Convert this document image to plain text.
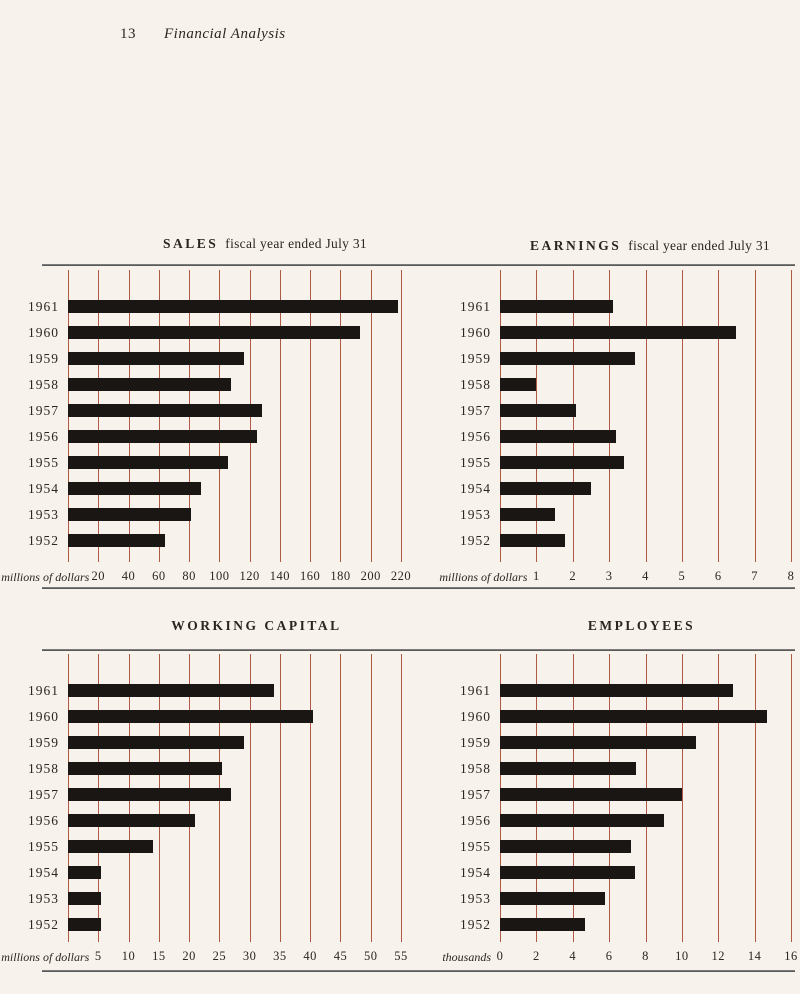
13 Financial Analysis
SALES fiscal year ended July 31	EARNINGS fiscal year ended July 31
WORKING CAPITAL	EMPLOYEES
1961
1960
1959
1958
1957
1956
1955
1954
1953
1952
20 40 60 80 100 120 140 160 180 200 220
millions of dollars
1961
1960
1959
1958
1957
1956
1955
1954
1953
1952
1 2 3 4 5 6 7 8
millions of dollars
1961
1960
1959
1958
1957
1956
1955
1954
1953
1952
5 10 15 20 25 30 35 40 45 50 55
millions of dollars
1961
1960
1959
1958
1957
1956
1955
1954
1953
1952
0 2 4 6 8 10 12 14 16
thousands
